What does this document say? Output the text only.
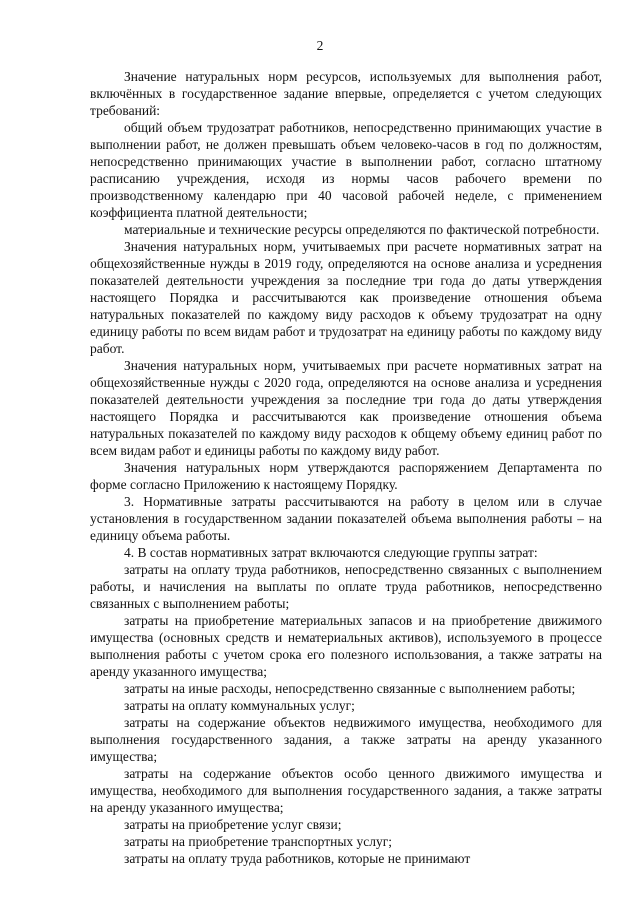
2

Значение натуральных норм ресурсов, используемых для выполнения работ, включённых в государственное задание впервые, определяется с учетом следующих требований:

общий объем трудозатрат работников, непосредственно принимающих участие в выполнении работ, не должен превышать объем человеко-часов в год по должностям, непосредственно принимающих участие в выполнении работ, согласно штатному расписанию учреждения, исходя из нормы часов рабочего времени по производственному календарю при 40 часовой рабочей неделе, с применением коэффициента платной деятельности;

материальные и технические ресурсы определяются по фактической потребности.

Значения натуральных норм, учитываемых при расчете нормативных затрат на общехозяйственные нужды в 2019 году, определяются на основе анализа и усреднения показателей деятельности учреждения за последние три года до даты утверждения настоящего Порядка и рассчитываются как произведение отношения объема натуральных показателей по каждому виду расходов к объему трудозатрат на одну единицу работы по всем видам работ и трудозатрат на единицу работы по каждому виду работ.

Значения натуральных норм, учитываемых при расчете нормативных затрат на общехозяйственные нужды с 2020 года, определяются на основе анализа и усреднения показателей деятельности учреждения за последние три года до даты утверждения настоящего Порядка и рассчитываются как произведение отношения объема натуральных показателей по каждому виду расходов к общему объему единиц работ по всем видам работ и единицы работы по каждому виду работ.

Значения натуральных норм утверждаются распоряжением Департамента по форме согласно Приложению к настоящему Порядку.

3. Нормативные затраты рассчитываются на работу в целом или в случае установления в государственном задании показателей объема выполнения работы – на единицу объема работы.

4. В состав нормативных затрат включаются следующие группы затрат:

затраты на оплату труда работников, непосредственно связанных с выполнением работы, и начисления на выплаты по оплате труда работников, непосредственно связанных с выполнением работы;

затраты на приобретение материальных запасов и на приобретение движимого имущества (основных средств и нематериальных активов), используемого в процессе выполнения работы с учетом срока его полезного использования, а также затраты на аренду указанного имущества;

затраты на иные расходы, непосредственно связанные с выполнением работы;

затраты на оплату коммунальных услуг;

затраты на содержание объектов недвижимого имущества, необходимого для выполнения государственного задания, а также затраты на аренду указанного имущества;

затраты на содержание объектов особо ценного движимого имущества и имущества, необходимого для выполнения государственного задания, а также затраты на аренду указанного имущества;

затраты на приобретение услуг связи;

затраты на приобретение транспортных услуг;

затраты на оплату труда работников, которые не принимают
